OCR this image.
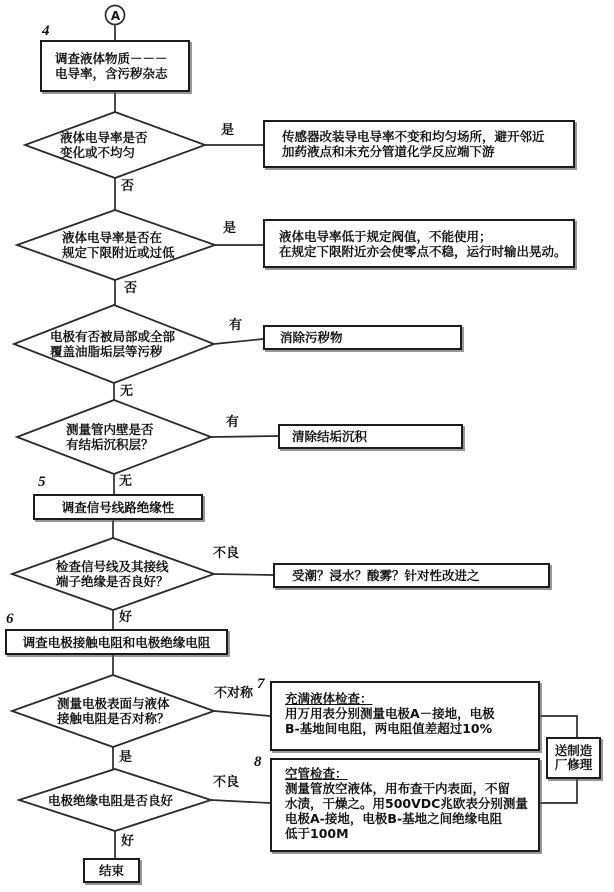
A
4
5
6
7
8
调查液体物质－－－
电导率，含污秽杂志
液体电导率是否
变化或不均匀
是
否
传感器改装导电导率不变和均匀场所，避开邻近
加药液点和未充分管道化学反应端下游
液体电导率是否在
规定下限附近或过低
是
否
液体电导率低于规定阀值，不能使用；
在规定下限附近亦会使零点不稳，运行时输出晃动。
电极有否被局部或全部
覆盖油脂垢层等污秽
有
无
消除污秽物
测量管内壁是否
有结垢沉积层？
有
无
清除结垢沉积
调查信号线路绝缘性
检查信号线及其接线
端子绝缘是否良好？
不良
好
受潮？浸水？酸雾？针对性改进之
调查电极接触电阻和电极绝缘电阻
测量电极表面与液体
接触电阻是否对称？
不对称
是
充满液体检查：
用万用表分别测量电极A－接地，电极
B-基地间电阻，两电阻值差超过10%
空管检查：
测量管放空液体，用布查干内表面，不留
水渍，干燥之。用500VDC兆欧表分别测量
电极A-接地，电极B-基地之间绝缘电阻
低于100M
送制造
厂修理
电极绝缘电阻是否良好
不良
好
结束
